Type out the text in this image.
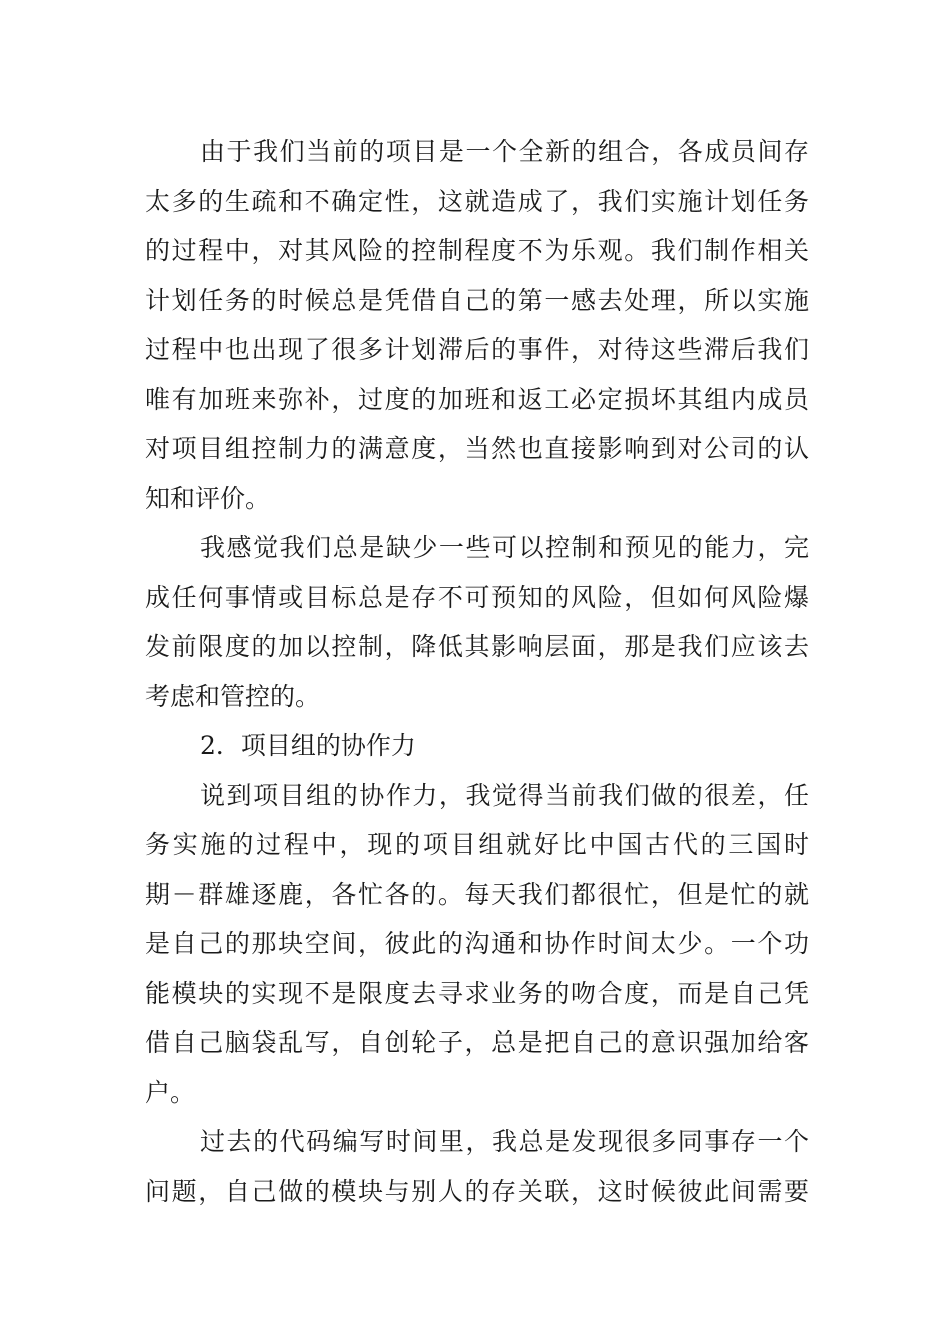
由于我们当前的项目是一个全新的组合，各成员间存
太多的生疏和不确定性，这就造成了，我们实施计划任务
的过程中，对其风险的控制程度不为乐观。我们制作相关
计划任务的时候总是凭借自己的第一感去处理，所以实施
过程中也出现了很多计划滞后的事件，对待这些滞后我们
唯有加班来弥补，过度的加班和返工必定损坏其组内成员
对项目组控制力的满意度，当然也直接影响到对公司的认
知和评价。

我感觉我们总是缺少一些可以控制和预见的能力，完
成任何事情或目标总是存不可预知的风险，但如何风险爆
发前限度的加以控制，降低其影响层面，那是我们应该去
考虑和管控的。

2．项目组的协作力

说到项目组的协作力，我觉得当前我们做的很差，任
务实施的过程中，现的项目组就好比中国古代的三国时
期－群雄逐鹿，各忙各的。每天我们都很忙，但是忙的就
是自己的那块空间，彼此的沟通和协作时间太少。一个功
能模块的实现不是限度去寻求业务的吻合度，而是自己凭
借自己脑袋乱写，自创轮子，总是把自己的意识强加给客
户。

过去的代码编写时间里，我总是发现很多同事存一个
问题，自己做的模块与别人的存关联，这时候彼此间需要
